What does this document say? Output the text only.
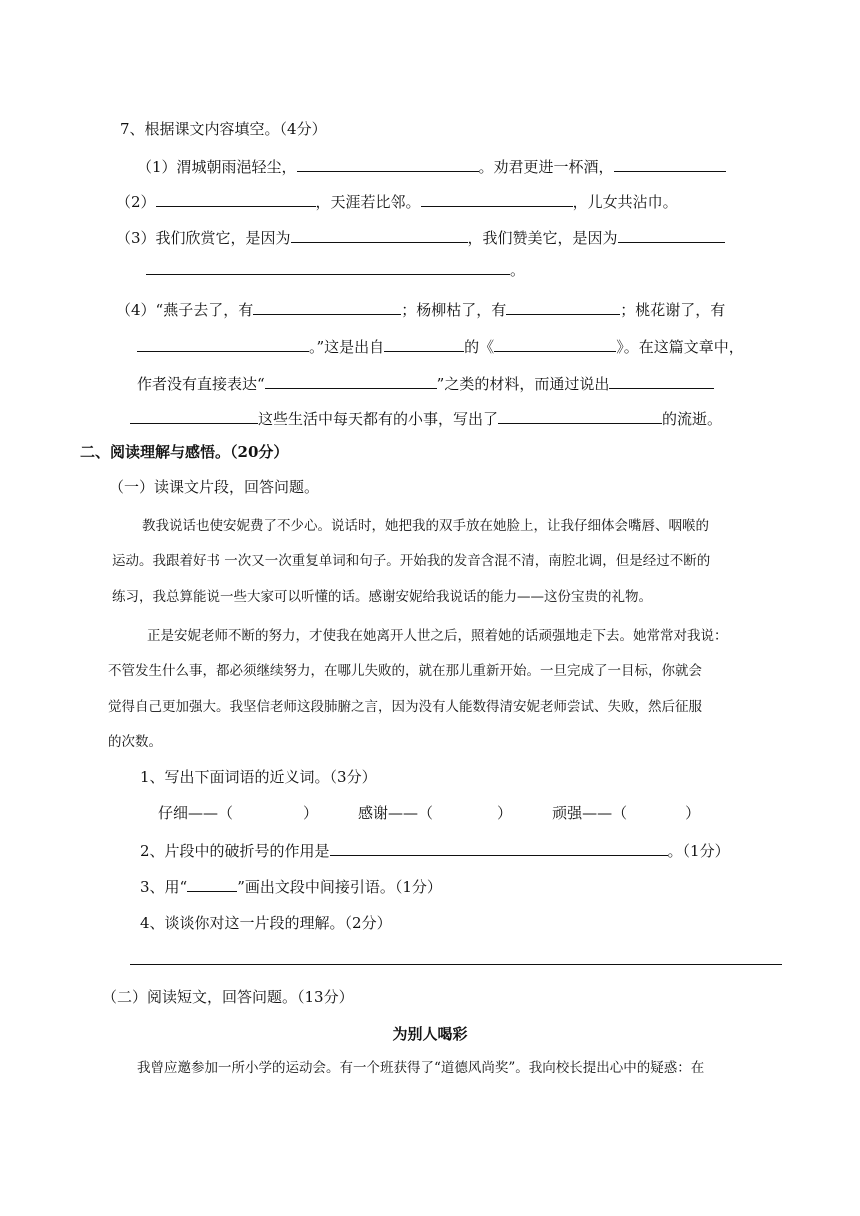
7、根据课文内容填空。（4分）
（1）渭城朝雨浥轻尘，	。劝君更进一杯酒，
（2）	，天涯若比邻。	，儿女共沾巾。
（3）我们欣赏它，是因为	，我们赞美它，是因为
。
（4）“燕子去了，有	；杨柳枯了，有	；桃花谢了，有
。”这是出自	的《	》。在这篇文章中，
作者没有直接表达“	”之类的材料，而通过说出
这些生活中每天都有的小事，写出了	的流逝。
二、阅读理解与感悟。（20分）
（一）读课文片段，回答问题。
教我说话也使安妮费了不少心。说话时，她把我的双手放在她脸上，让我仔细体会嘴唇、咽喉的
运动。我跟着好书 一次又一次重复单词和句子。开始我的发音含混不清，南腔北调，但是经过不断的
练习，我总算能说一些大家可以听懂的话。感谢安妮给我说话的能力——这份宝贵的礼物。
正是安妮老师不断的努力，才使我在她离开人世之后，照着她的话顽强地走下去。她常常对我说：
不管发生什么事，都必须继续努力，在哪儿失败的，就在那儿重新开始。一旦完成了一目标，你就会
觉得自己更加强大。我坚信老师这段肺腑之言，因为没有人能数得清安妮老师尝试、失败，然后征服
的次数。
1、写出下面词语的近义词。（3分）
仔细——（	）	感谢——（	）	顽强——（	）
2、片段中的破折号的作用是	。（1分）
3、用“	”画出文段中间接引语。（1分）
4、谈谈你对这一片段的理解。（2分）
（二）阅读短文，回答问题。（13分）
为别人喝彩
我曾应邀参加一所小学的运动会。有一个班获得了“道德风尚奖”。我向校长提出心中的疑惑：在
